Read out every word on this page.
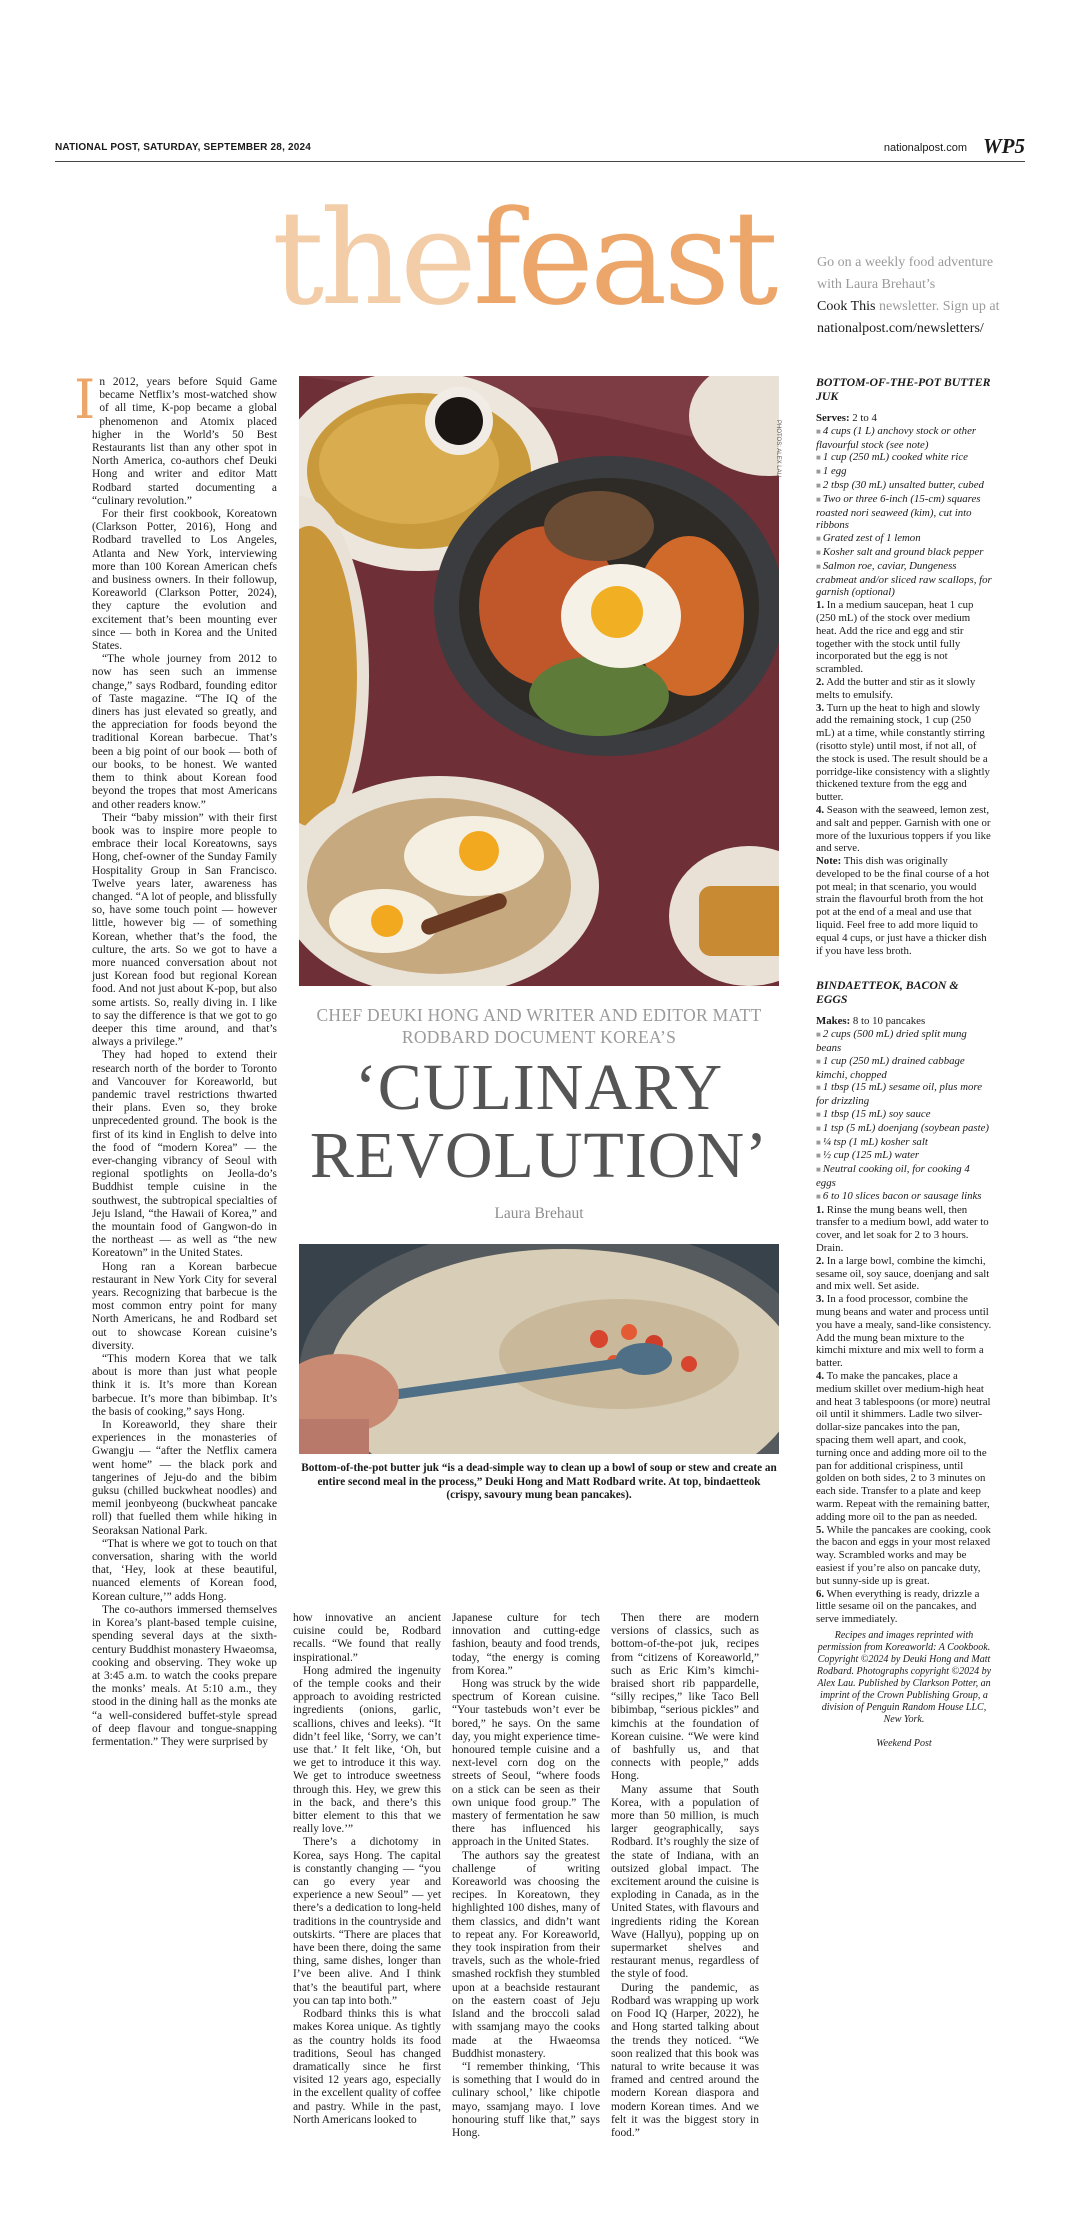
NATIONAL POST, SATURDAY, SEPTEMBER 28, 2024	nationalpost.com WP5
thefeast	Go on a weekly food adventure
with Laura Brehaut’s
Cook This newsletter. Sign up at
nationalpost.com/newsletters/
I n 2012, years before Squid Game became Netflix’s most-watched show of all time, K-pop became a global phenomenon and Atomix placed higher in the World’s 50 Best Restaurants list than any other spot in North America, co-authors chef Deuki Hong and writer and editor Matt Rodbard started documenting a “culinary revolution.”

For their first cookbook, Koreatown (Clarkson Potter, 2016), Hong and Rodbard travelled to Los Angeles, Atlanta and New York, interviewing more than 100 Korean American chefs and business owners. In their followup, Koreaworld (Clarkson Potter, 2024), they capture the evolution and excitement that’s been mounting ever since — both in Korea and the United States.

“The whole journey from 2012 to now has seen such an immense change,” says Rodbard, founding editor of Taste magazine. “The IQ of the diners has just elevated so greatly, and the appreciation for foods beyond the traditional Korean barbecue. That’s been a big point of our book — both of our books, to be honest. We wanted them to think about Korean food beyond the tropes that most Americans and other readers know.”

Their “baby mission” with their first book was to inspire more people to embrace their local Koreatowns, says Hong, chef-owner of the Sunday Family Hospitality Group in San Francisco. Twelve years later, awareness has changed. “A lot of people, and blissfully so, have some touch point — however little, however big — of something Korean, whether that’s the food, the culture, the arts. So we got to have a more nuanced conversation about not just Korean food but regional Korean food. And not just about K-pop, but also some artists. So, really diving in. I like to say the difference is that we got to go deeper this time around, and that’s always a privilege.”

They had hoped to extend their research north of the border to Toronto and Vancouver for Koreaworld, but pandemic travel restrictions thwarted their plans. Even so, they broke unprecedented ground. The book is the first of its kind in English to delve into the food of “modern Korea” — the ever-changing vibrancy of Seoul with regional spotlights on Jeolla-do’s Buddhist temple cuisine in the southwest, the subtropical specialties of Jeju Island, “the Hawaii of Korea,” and the mountain food of Gangwon-do in the northeast — as well as “the new Koreatown” in the United States.

Hong ran a Korean barbecue restaurant in New York City for several years. Recognizing that barbecue is the most common entry point for many North Americans, he and Rodbard set out to showcase Korean cuisine’s diversity.

“This modern Korea that we talk about is more than just what people think it is. It’s more than Korean barbecue. It’s more than bibimbap. It’s the basis of cooking,” says Hong.

In Koreaworld, they share their experiences in the monasteries of Gwangju — “after the Netflix camera went home” — the black pork and tangerines of Jeju-do and the bibim guksu (chilled buckwheat noodles) and memil jeonbyeong (buckwheat pancake roll) that fuelled them while hiking in Seoraksan National Park.

“That is where we got to touch on that conversation, sharing with the world that, ‘Hey, look at these beautiful, nuanced elements of Korean food, Korean culture,’” adds Hong.

The co-authors immersed themselves in Korea’s plant-based temple cuisine, spending several days at the sixth-century Buddhist monastery Hwaeomsa, cooking and observing. They woke up at 3:45 a.m. to watch the cooks prepare the monks’ meals. At 5:10 a.m., they stood in the dining hall as the monks ate “a well-considered buffet-style spread of deep flavour and tongue-snapping fermentation.” They were surprised by

PHOTOS: ALEX LAU
CHEF DEUKI HONG AND WRITER AND EDITOR MATT RODBARD DOCUMENT KOREA’S
‘CULINARY
REVOLUTION’
Laura Brehaut
Bottom-of-the-pot butter juk “is a dead-simple way to clean up a bowl of soup or stew and create an entire second meal in the process,” Deuki Hong and Matt Rodbard write. At top, bindaetteok (crispy, savoury mung bean pancakes).

how innovative an ancient cuisine could be, Rodbard recalls. “We found that really inspirational.”

Hong admired the ingenuity of the temple cooks and their approach to avoiding restricted ingredients (onions, garlic, scallions, chives and leeks). “It didn’t feel like, ‘Sorry, we can’t use that.’ It felt like, ‘Oh, but we get to introduce it this way. We get to introduce sweetness through this. Hey, we grew this in the back, and there’s this bitter element to this that we really love.’”

There’s a dichotomy in Korea, says Hong. The capital is constantly changing — “you can go every year and experience a new Seoul” — yet there’s a dedication to long-held traditions in the countryside and outskirts. “There are places that have been there, doing the same thing, same dishes, longer than I’ve been alive. And I think that’s the beautiful part, where you can tap into both.”

Rodbard thinks this is what makes Korea unique. As tightly as the country holds its food traditions, Seoul has changed dramatically since he first visited 12 years ago, especially in the excellent quality of coffee and pastry. While in the past, North Americans looked to

Japanese culture for tech innovation and cutting-edge fashion, beauty and food trends, today, “the energy is coming from Korea.”

Hong was struck by the wide spectrum of Korean cuisine. “Your tastebuds won’t ever be bored,” he says. On the same day, you might experience time-honoured temple cuisine and a next-level corn dog on the streets of Seoul, “where foods on a stick can be seen as their own unique food group.” The mastery of fermentation he saw there has influenced his approach in the United States.

The authors say the greatest challenge of writing Koreaworld was choosing the recipes. In Koreatown, they highlighted 100 dishes, many of them classics, and didn’t want to repeat any. For Koreaworld, they took inspiration from their travels, such as the whole-fried smashed rockfish they stumbled upon at a beachside restaurant on the eastern coast of Jeju Island and the broccoli salad with ssamjang mayo the cooks made at the Hwaeomsa Buddhist monastery.

“I remember thinking, ‘This is something that I would do in culinary school,’ like chipotle mayo, ssamjang mayo. I love honouring stuff like that,” says Hong.

Then there are modern versions of classics, such as bottom-of-the-pot juk, recipes from “citizens of Koreaworld,” such as Eric Kim’s kimchi-braised short rib pappardelle, “silly recipes,” like Taco Bell bibimbap, “serious pickles” and kimchis at the foundation of Korean cuisine. “We were kind of bashfully us, and that connects with people,” adds Hong.

Many assume that South Korea, with a population of more than 50 million, is much larger geographically, says Rodbard. It’s roughly the size of the state of Indiana, with an outsized global impact. The excitement around the cuisine is exploding in Canada, as in the United States, with flavours and ingredients riding the Korean Wave (Hallyu), popping up on supermarket shelves and restaurant menus, regardless of the style of food.

During the pandemic, as Rodbard was wrapping up work on Food IQ (Harper, 2022), he and Hong started talking about the trends they noticed. “We soon realized that this book was natural to write because it was framed and centred around the modern Korean diaspora and modern Korean times. And we felt it was the biggest story in food.”

BOTTOM-OF-THE-POT BUTTER JUK
Serves: 2 to 4
■ 4 cups (1 L) anchovy stock or other flavourful stock (see note)
■ 1 cup (250 mL) cooked white rice
■ 1 egg
■ 2 tbsp (30 mL) unsalted butter, cubed
■ Two or three 6-inch (15-cm) squares roasted nori seaweed (kim), cut into ribbons
■ Grated zest of 1 lemon
■ Kosher salt and ground black pepper
■ Salmon roe, caviar, Dungeness crabmeat and/or sliced raw scallops, for garnish (optional)
1. In a medium saucepan, heat 1 cup (250 mL) of the stock over medium heat. Add the rice and egg and stir together with the stock until fully incorporated but the egg is not scrambled.
2. Add the butter and stir as it slowly melts to emulsify.
3. Turn up the heat to high and slowly add the remaining stock, 1 cup (250 mL) at a time, while constantly stirring (risotto style) until most, if not all, of the stock is used. The result should be a porridge-like consistency with a slightly thickened texture from the egg and butter.
4. Season with the seaweed, lemon zest, and salt and pepper. Garnish with one or more of the luxurious toppers if you like and serve.
Note: This dish was originally developed to be the final course of a hot pot meal; in that scenario, you would strain the flavourful broth from the hot pot at the end of a meal and use that liquid. Feel free to add more liquid to equal 4 cups, or just have a thicker dish if you have less broth.
BINDAETTEOK, BACON & EGGS
Makes: 8 to 10 pancakes
■ 2 cups (500 mL) dried split mung beans
■ 1 cup (250 mL) drained cabbage kimchi, chopped
■ 1 tbsp (15 mL) sesame oil, plus more for drizzling
■ 1 tbsp (15 mL) soy sauce
■ 1 tsp (5 mL) doenjang (soybean paste)
■ ¼ tsp (1 mL) kosher salt
■ ½ cup (125 mL) water
■ Neutral cooking oil, for cooking 4 eggs
■ 6 to 10 slices bacon or sausage links
1. Rinse the mung beans well, then transfer to a medium bowl, add water to cover, and let soak for 2 to 3 hours. Drain.
2. In a large bowl, combine the kimchi, sesame oil, soy sauce, doenjang and salt and mix well. Set aside.
3. In a food processor, combine the mung beans and water and process until you have a mealy, sand-like consistency. Add the mung bean mixture to the kimchi mixture and mix well to form a batter.
4. To make the pancakes, place a medium skillet over medium-high heat and heat 3 tablespoons (or more) neutral oil until it shimmers. Ladle two silver-dollar-size pancakes into the pan, spacing them well apart, and cook, turning once and adding more oil to the pan for additional crispiness, until golden on both sides, 2 to 3 minutes on each side. Transfer to a plate and keep warm. Repeat with the remaining batter, adding more oil to the pan as needed.
5. While the pancakes are cooking, cook the bacon and eggs in your most relaxed way. Scrambled works and may be easiest if you’re also on pancake duty, but sunny-side up is great.
6. When everything is ready, drizzle a little sesame oil on the pancakes, and serve immediately.
Recipes and images reprinted with permission from Koreaworld: A Cookbook. Copyright ©2024 by Deuki Hong and Matt Rodbard. Photographs copyright ©2024 by Alex Lau. Published by Clarkson Potter, an imprint of the Crown Publishing Group, a division of Penguin Random House LLC, New York.
Weekend Post
